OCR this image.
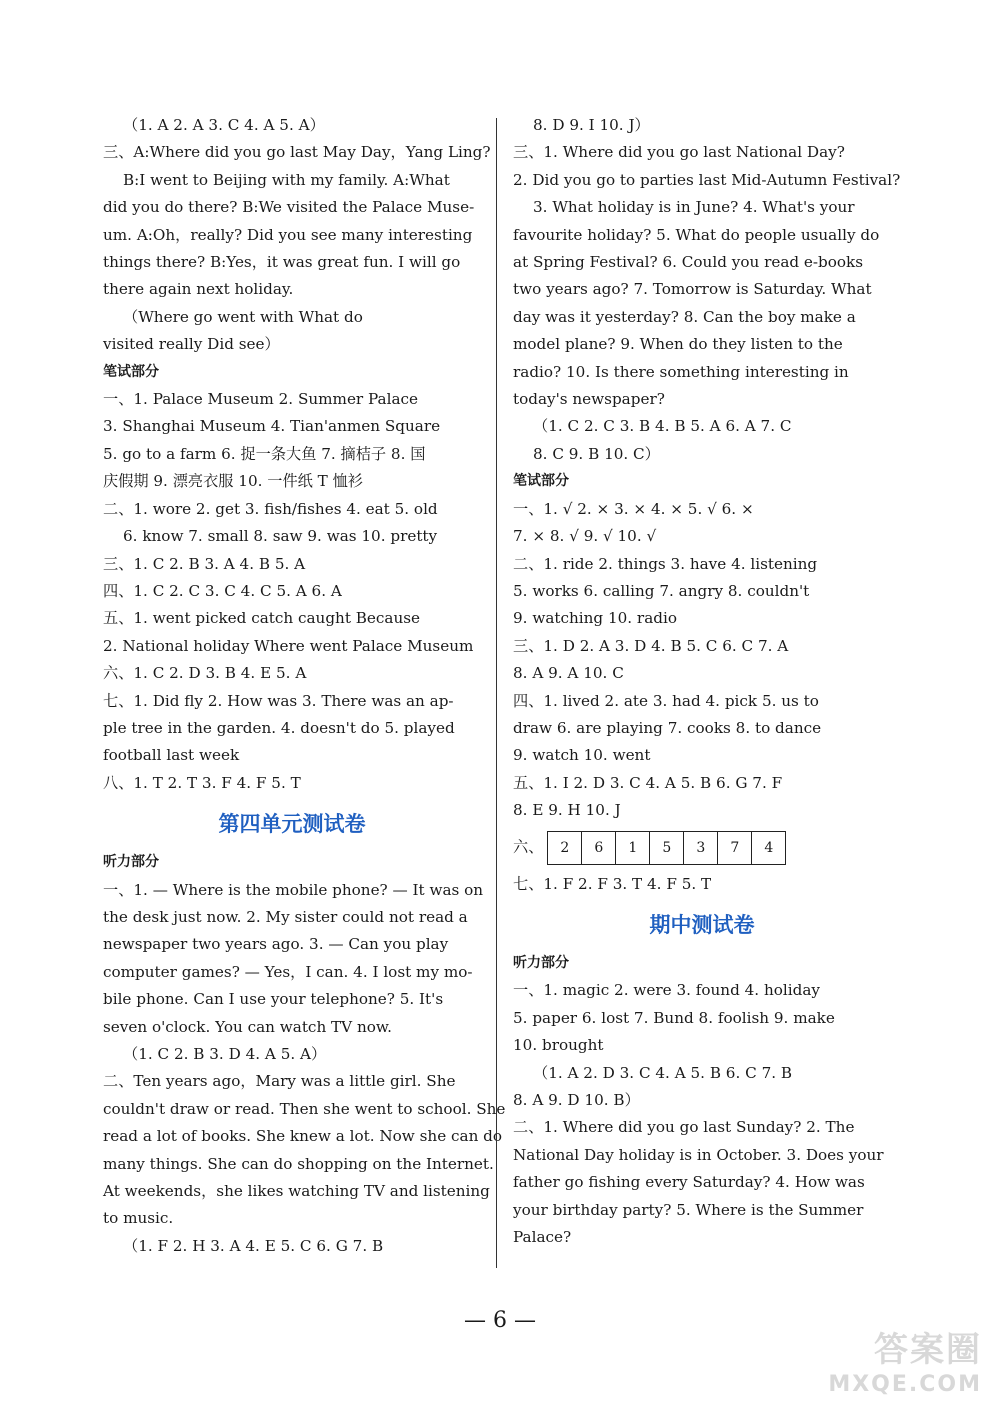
（1. A 2. A 3. C 4. A 5. A）
三、A:Where did you go last May Day，Yang Ling?
B:I went to Beijing with my family. A:What
did you do there? B:We visited the Palace Muse-
um. A:Oh，really? Did you see many interesting
things there? B:Yes，it was great fun. I will go
there again next holiday.
（Where go went with What do
visited really Did see）
笔试部分
一、1. Palace Museum 2. Summer Palace
3. Shanghai Museum 4. Tian'anmen Square
5. go to a farm 6. 捉一条大鱼 7. 摘桔子 8. 国
庆假期 9. 漂亮衣服 10. 一件纸 T 恤衫
二、1. wore 2. get 3. fish/fishes 4. eat 5. old
6. know 7. small 8. saw 9. was 10. pretty
三、1. C 2. B 3. A 4. B 5. A
四、1. C 2. C 3. C 4. C 5. A 6. A
五、1. went picked catch caught Because
2. National holiday Where went Palace Museum
六、1. C 2. D 3. B 4. E 5. A
七、1. Did fly 2. How was 3. There was an ap-
ple tree in the garden. 4. doesn't do 5. played
football last week
八、1. T 2. T 3. F 4. F 5. T
第四单元测试卷
听力部分
一、1. — Where is the mobile phone? — It was on
the desk just now. 2. My sister could not read a
newspaper two years ago. 3. — Can you play
computer games? — Yes，I can. 4. I lost my mo-
bile phone. Can I use your telephone? 5. It's
seven o'clock. You can watch TV now.
（1. C 2. B 3. D 4. A 5. A）
二、Ten years ago，Mary was a little girl. She
couldn't draw or read. Then she went to school. She
read a lot of books. She knew a lot. Now she can do
many things. She can do shopping on the Internet.
At weekends，she likes watching TV and listening
to music.
（1. F 2. H 3. A 4. E 5. C 6. G 7. B
8. D 9. I 10. J）
三、1. Where did you go last National Day?
2. Did you go to parties last Mid-Autumn Festival?
3. What holiday is in June? 4. What's your
favourite holiday? 5. What do people usually do
at Spring Festival? 6. Could you read e-books
two years ago? 7. Tomorrow is Saturday. What
day was it yesterday? 8. Can the boy make a
model plane? 9. When do they listen to the
radio? 10. Is there something interesting in
today's newspaper?
（1. C 2. C 3. B 4. B 5. A 6. A 7. C
8. C 9. B 10. C）
笔试部分
一、1. √ 2. × 3. × 4. × 5. √ 6. ×
7. × 8. √ 9. √ 10. √
二、1. ride 2. things 3. have 4. listening
5. works 6. calling 7. angry 8. couldn't
9. watching 10. radio
三、1. D 2. A 3. D 4. B 5. C 6. C 7. A
8. A 9. A 10. C
四、1. lived 2. ate 3. had 4. pick 5. us to
draw 6. are playing 7. cooks 8. to dance
9. watch 10. went
五、1. I 2. D 3. C 4. A 5. B 6. G 7. F
8. E 9. H 10. J
六、	2	6	1	5	3	7	4
七、1. F 2. F 3. T 4. F 5. T
期中测试卷
听力部分
一、1. magic 2. were 3. found 4. holiday
5. paper 6. lost 7. Bund 8. foolish 9. make
10. brought
（1. A 2. D 3. C 4. A 5. B 6. C 7. B
8. A 9. D 10. B）
二、1. Where did you go last Sunday? 2. The
National Day holiday is in October. 3. Does your
father go fishing every Saturday? 4. How was
your birthday party? 5. Where is the Summer
Palace?
— 6 —
答案圈
MXQE.COM
